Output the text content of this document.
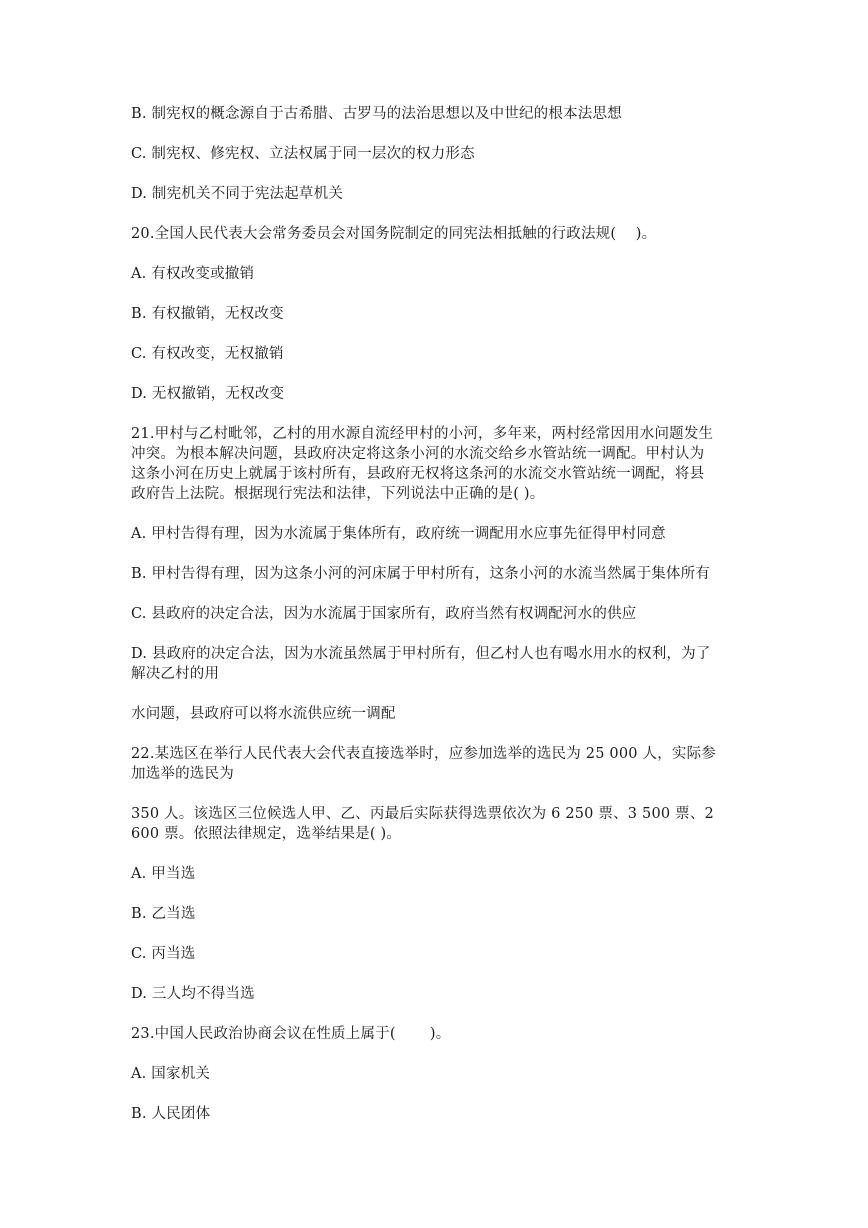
B. 制宪权的概念源自于古希腊、古罗马的法治思想以及中世纪的根本法思想
C. 制宪权、修宪权、立法权属于同一层次的权力形态
D. 制宪机关不同于宪法起草机关
20.全国人民代表大会常务委员会对国务院制定的同宪法相抵触的行政法规(　 )。
A. 有权改变或撤销
B. 有权撤销，无权改变
C. 有权改变，无权撤销
D. 无权撤销，无权改变
21.甲村与乙村毗邻，乙村的用水源自流经甲村的小河，多年来，两村经常因用水问题发生
冲突。为根本解决问题，县政府决定将这条小河的水流交给乡水管站统一调配。甲村认为
这条小河在历史上就属于该村所有，县政府无权将这条河的水流交水管站统一调配，将县
政府告上法院。根据现行宪法和法律，下列说法中正确的是( )。
A. 甲村告得有理，因为水流属于集体所有，政府统一调配用水应事先征得甲村同意
B. 甲村告得有理，因为这条小河的河床属于甲村所有，这条小河的水流当然属于集体所有
C. 县政府的决定合法，因为水流属于国家所有，政府当然有权调配河水的供应
D. 县政府的决定合法，因为水流虽然属于甲村所有，但乙村人也有喝水用水的权利，为了
解决乙村的用
水问题，县政府可以将水流供应统一调配
22.某选区在举行人民代表大会代表直接选举时，应参加选举的选民为 25 000 人，实际参
加选举的选民为
350 人。该选区三位候选人甲、乙、丙最后实际获得选票依次为 6 250 票、3 500 票、2
600 票。依照法律规定，选举结果是( )。
A. 甲当选
B. 乙当选
C. 丙当选
D. 三人均不得当选
23.中国人民政治协商会议在性质上属于(　　 )。
A. 国家机关
B. 人民团体
